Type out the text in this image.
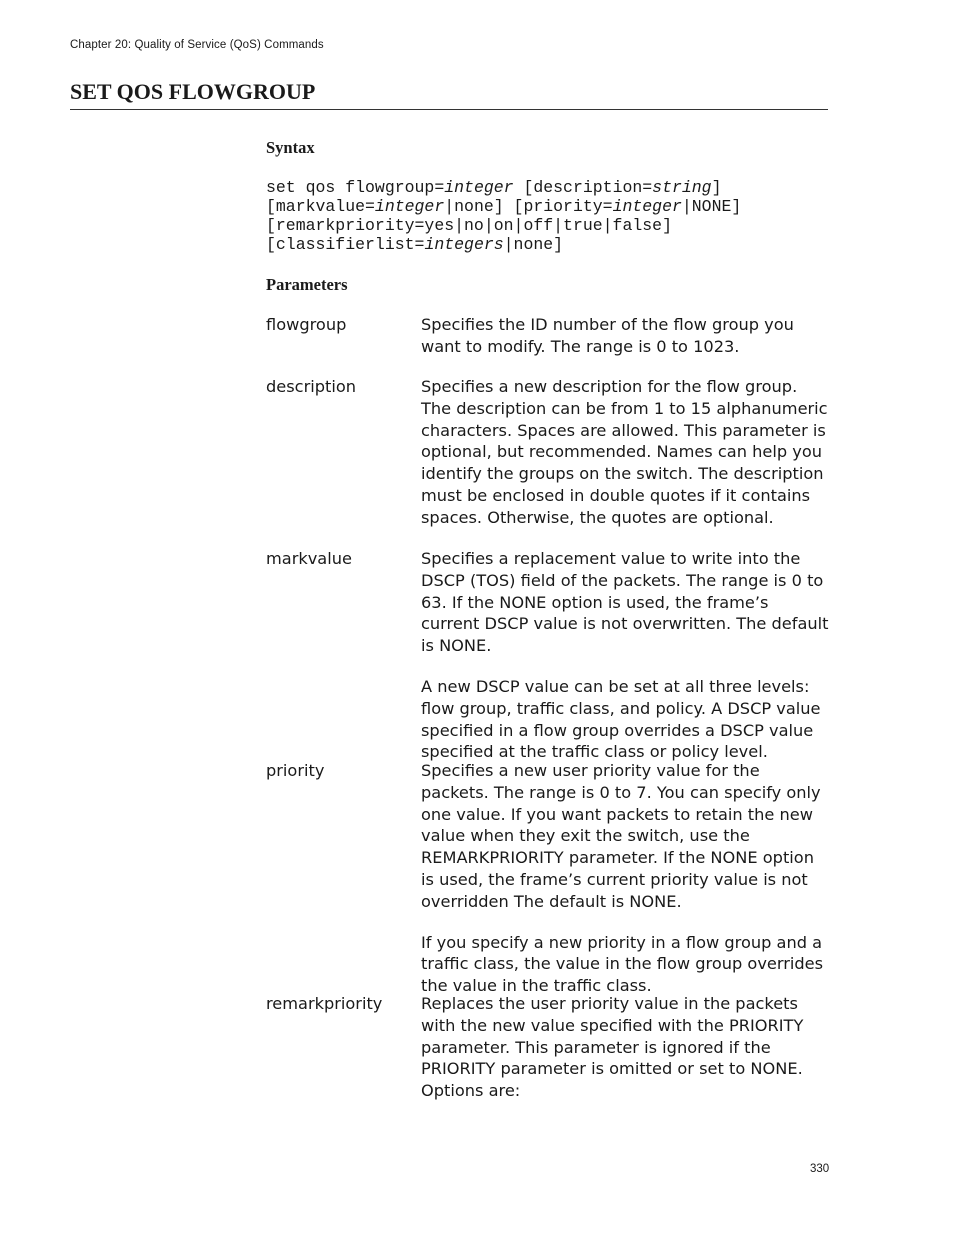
Chapter 20: Quality of Service (QoS) Commands
SET QOS FLOWGROUP
Syntax
set qos flowgroup=integer [description=string]
[markvalue=integer|none] [priority=integer|NONE]
[remarkpriority=yes|no|on|off|true|false]
[classifierlist=integers|none]
Parameters
flowgroup	Specifies the ID number of the flow group you want to modify. The range is 0 to 1023.

description	Specifies a new description for the flow group. The description can be from 1 to 15 alphanumeric characters. Spaces are allowed. This parameter is optional, but recommended. Names can help you identify the groups on the switch. The description must be enclosed in double quotes if it contains spaces. Otherwise, the quotes are optional.

markvalue	Specifies a replacement value to write into the DSCP (TOS) field of the packets. The range is 0 to 63. If the NONE option is used, the frame’s current DSCP value is not overwritten. The default is NONE.

A new DSCP value can be set at all three levels: flow group, traffic class, and policy. A DSCP value specified in a flow group overrides a DSCP value specified at the traffic class or policy level.

priority	Specifies a new user priority value for the packets. The range is 0 to 7. You can specify only one value. If you want packets to retain the new value when they exit the switch, use the REMARKPRIORITY parameter. If the NONE option is used, the frame’s current priority value is not overridden The default is NONE.

If you specify a new priority in a flow group and a traffic class, the value in the flow group overrides the value in the traffic class.

remarkpriority	Replaces the user priority value in the packets with the new value specified with the PRIORITY parameter. This parameter is ignored if the PRIORITY parameter is omitted or set to NONE. Options are:

330
